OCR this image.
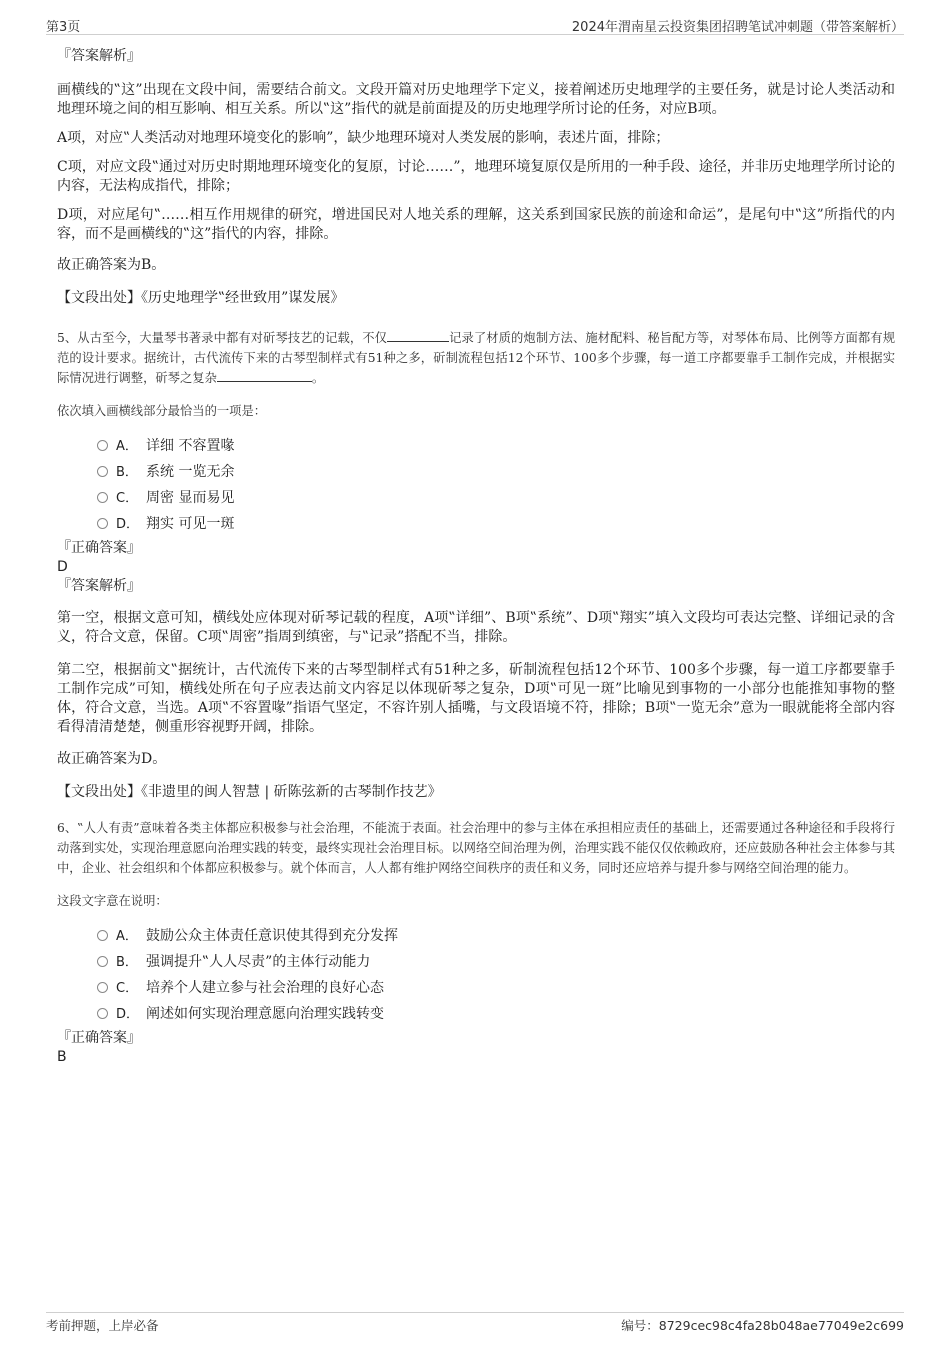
第3页	2024年渭南星云投资集团招聘笔试冲刺题（带答案解析）

『答案解析』

画横线的‟这”出现在文段中间，需要结合前文。文段开篇对历史地理学下定义，接着阐述历史地理学的主要任务，就是讨论人类活动和地理环境之间的相互影响、相互关系。所以‟这”指代的就是前面提及的历史地理学所讨论的任务，对应B项。

A项，对应‟人类活动对地理环境变化的影响”，缺少地理环境对人类发展的影响，表述片面，排除；

C项，对应文段‟通过对历史时期地理环境变化的复原，讨论……”，地理环境复原仅是所用的一种手段、途径，并非历史地理学所讨论的内容，无法构成指代，排除；

D项，对应尾句‟……相互作用规律的研究，增进国民对人地关系的理解，这关系到国家民族的前途和命运”，是尾句中‟这”所指代的内容，而不是画横线的‟这”指代的内容，排除。

故正确答案为B。

【文段出处】《历史地理学‟经世致用”谋发展》

5、从古至今，大量琴书著录中都有对斫琴技艺的记载，不仅	记录了材质的炮制方法、施材配料、秘旨配方等，对琴体布局、比例等方面都有规范的设计要求。据统计，古代流传下来的古琴型制样式有51种之多，斫制流程包括12个环节、100多个步骤，每一道工序都要靠手工制作完成，并根据实际情况进行调整，斫琴之复杂	。

依次填入画横线部分最恰当的一项是：

A． 详细 不容置喙
B． 系统 一览无余
C． 周密 显而易见
D． 翔实 可见一斑

『正确答案』

D

『答案解析』

第一空，根据文意可知，横线处应体现对斫琴记载的程度，A项‟详细”、B项‟系统”、D项‟翔实”填入文段均可表达完整、详细记录的含义，符合文意，保留。C项‟周密”指周到缜密，与‟记录”搭配不当，排除。

第二空，根据前文‟据统计，古代流传下来的古琴型制样式有51种之多，斫制流程包括12个环节、100多个步骤，每一道工序都要靠手工制作完成”可知，横线处所在句子应表达前文内容足以体现斫琴之复杂，D项‟可见一斑”比喻见到事物的一小部分也能推知事物的整体，符合文意，当选。A项‟不容置喙”指语气坚定，不容许别人插嘴，与文段语境不符，排除；B项‟一览无余”意为一眼就能将全部内容看得清清楚楚，侧重形容视野开阔，排除。

故正确答案为D。

【文段出处】《非遗里的闽人智慧 | 斫陈弦新的古琴制作技艺》

6、‟人人有责”意味着各类主体都应积极参与社会治理，不能流于表面。社会治理中的参与主体在承担相应责任的基础上，还需要通过各种途径和手段将行动落到实处，实现治理意愿向治理实践的转变，最终实现社会治理目标。以网络空间治理为例，治理实践不能仅仅依赖政府，还应鼓励各种社会主体参与其中，企业、社会组织和个体都应积极参与。就个体而言，人人都有维护网络空间秩序的责任和义务，同时还应培养与提升参与网络空间治理的能力。

这段文字意在说明：

A． 鼓励公众主体责任意识使其得到充分发挥
B． 强调提升‟人人尽责”的主体行动能力
C． 培养个人建立参与社会治理的良好心态
D． 阐述如何实现治理意愿向治理实践转变

『正确答案』

B

考前押题，上岸必备	编号：8729cec98c4fa28b048ae77049e2c699
